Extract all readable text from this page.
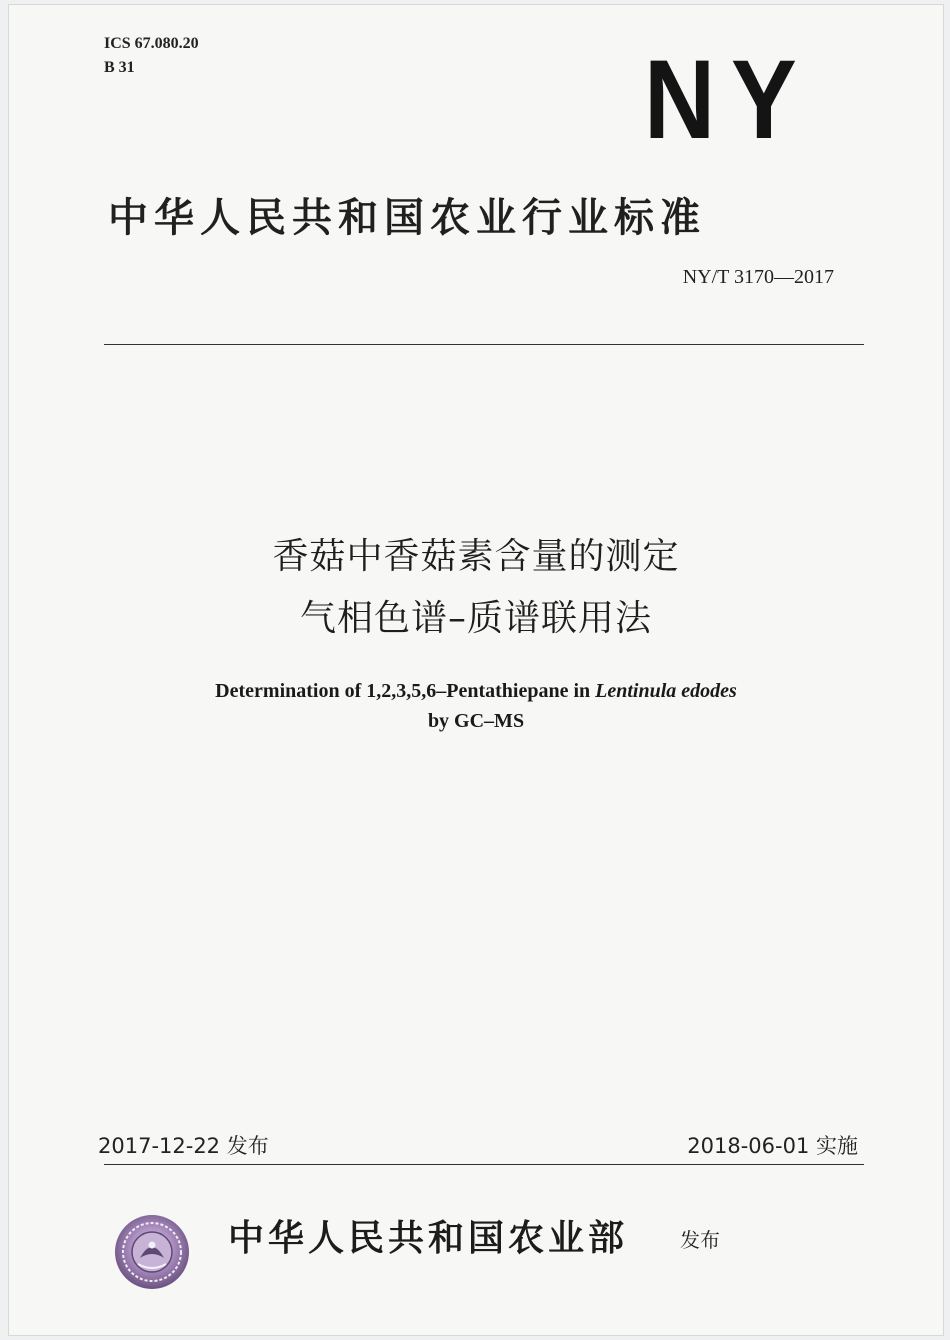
ICS 67.080.20
B 31	NY
中华人民共和国农业行业标准
NY/T 3170—2017
香菇中香菇素含量的测定
气相色谱–质谱联用法
Determination of 1,2,3,5,6–Pentathiepane in Lentinula edodes
by GC–MS
2017-12-22 发布	2018-06-01 实施
中华人民共和国农业部	发布
